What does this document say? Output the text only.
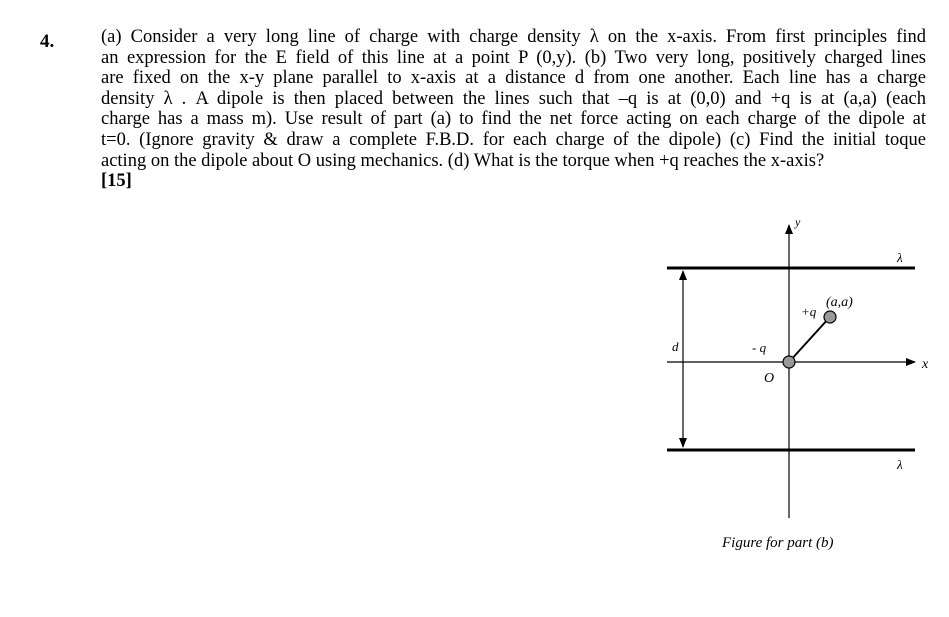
4.	(a) Consider a very long line of charge with charge density λ on the x-axis. From first principles find
an expression for the E field of this line at a point P (0,y). (b) Two very long, positively charged lines
are fixed on the x-y plane parallel to x-axis at a distance d from one another. Each line has a charge
density λ . A dipole is then placed between the lines such that –q is at (0,0) and +q is at (a,a) (each
charge has a mass m). Use result of part (a) to find the net force acting on each charge of the dipole at
t=0. (Ignore gravity & draw a complete F.B.D. for each charge of the dipole) (c) Find the initial toque
acting on the dipole about O using mechanics. (d) What is the torque when +q reaches the x-axis?
[15]
y
x
λ
λ
d
+q
(a,a)
- q
O
Figure for part (b)
